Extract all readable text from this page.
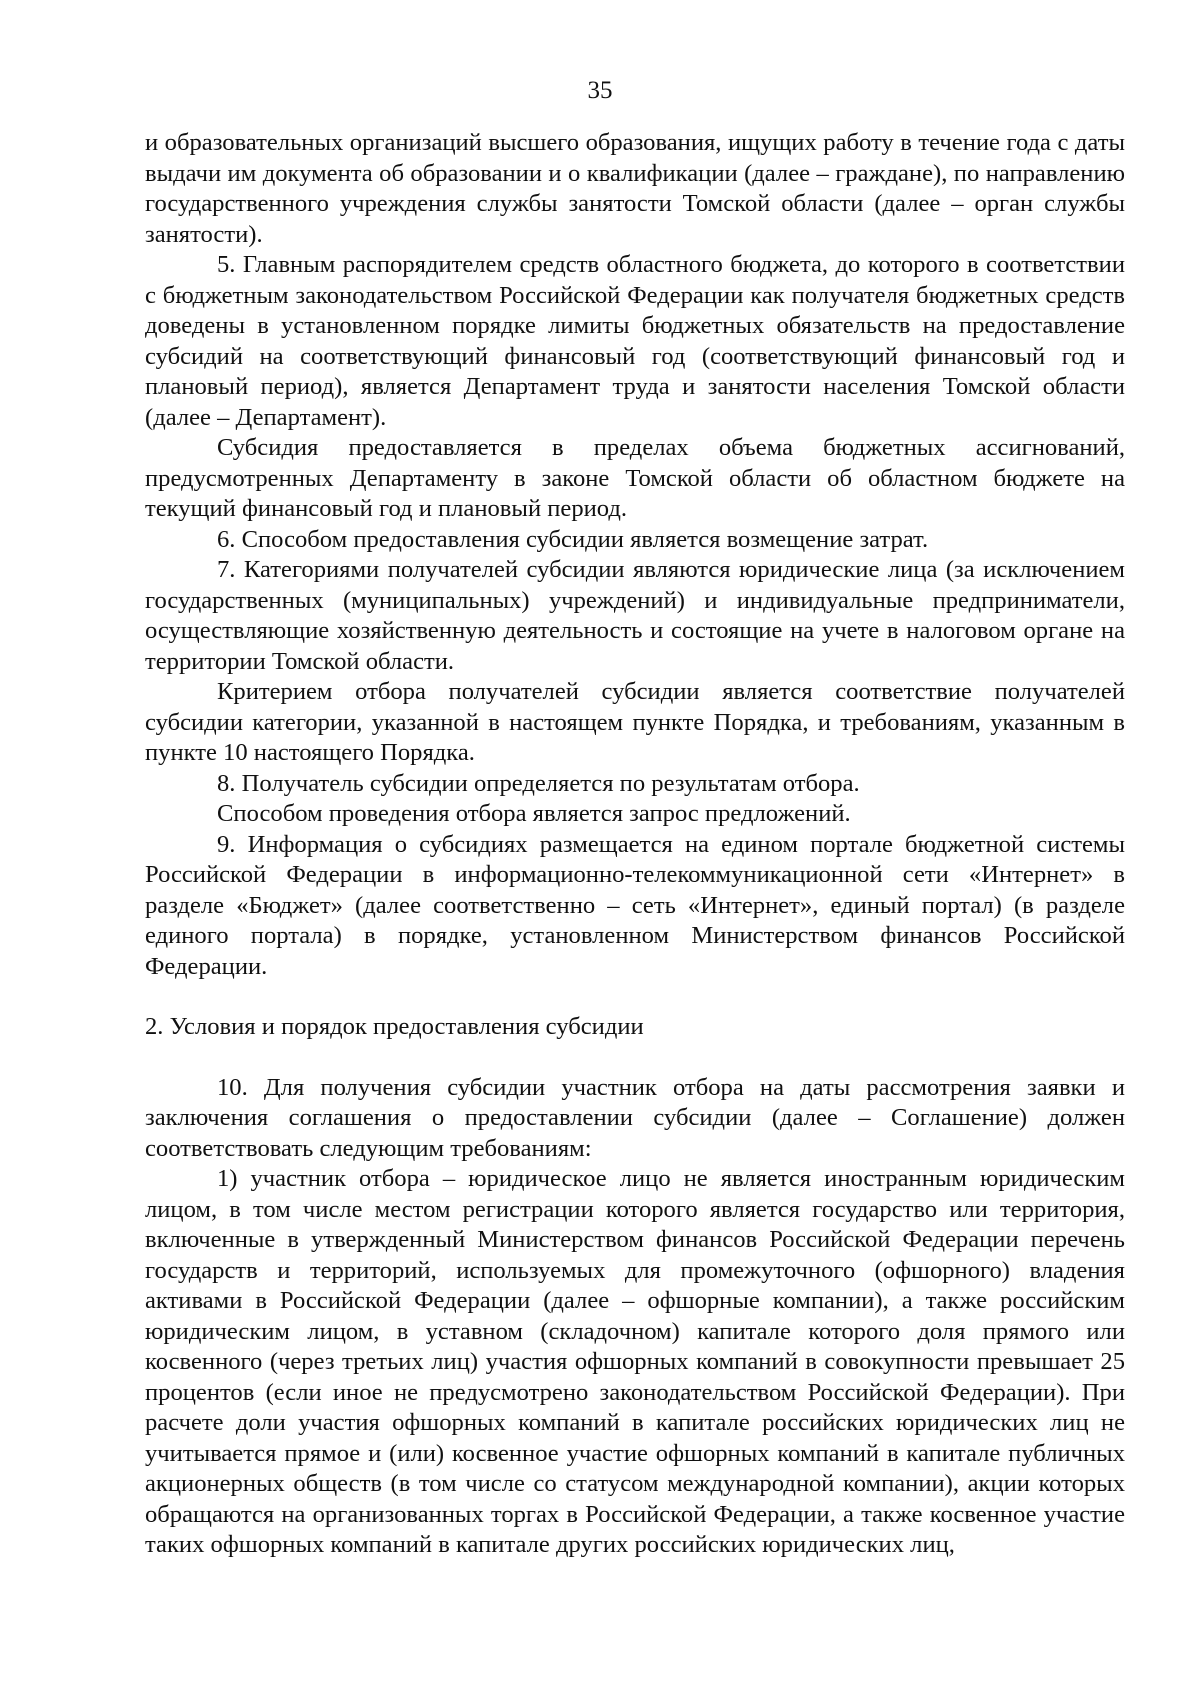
35

и образовательных организаций высшего образования, ищущих работу в течение года с даты выдачи им документа об образовании и о квалификации (далее – граждане), по направлению государственного учреждения службы занятости Томской области (далее – орган службы занятости).

5. Главным распорядителем средств областного бюджета, до которого в соответствии с бюджетным законодательством Российской Федерации как получателя бюджетных средств доведены в установленном порядке лимиты бюджетных обязательств на предоставление субсидий на соответствующий финансовый год (соответствующий финансовый год и плановый период), является Департамент труда и занятости населения Томской области (далее – Департамент).

Субсидия предоставляется в пределах объема бюджетных ассигнований, предусмотренных Департаменту в законе Томской области об областном бюджете на текущий финансовый год и плановый период.

6. Способом предоставления субсидии является возмещение затрат.

7. Категориями получателей субсидии являются юридические лица (за исключением государственных (муниципальных) учреждений) и индивидуальные предприниматели, осуществляющие хозяйственную деятельность и состоящие на учете в налоговом органе на территории Томской области.

Критерием отбора получателей субсидии является соответствие получателей субсидии категории, указанной в настоящем пункте Порядка, и требованиям, указанным в пункте 10 настоящего Порядка.

8. Получатель субсидии определяется по результатам отбора.

Способом проведения отбора является запрос предложений.

9. Информация о субсидиях размещается на едином портале бюджетной системы Российской Федерации в информационно-телекоммуникационной сети «Интернет» в разделе «Бюджет» (далее соответственно – сеть «Интернет», единый портал) (в разделе единого портала) в порядке, установленном Министерством финансов Российской Федерации.

2. Условия и порядок предоставления субсидии

10. Для получения субсидии участник отбора на даты рассмотрения заявки и заключения соглашения о предоставлении субсидии (далее – Соглашение) должен соответствовать следующим требованиям:

1) участник отбора – юридическое лицо не является иностранным юридическим лицом, в том числе местом регистрации которого является государство или территория, включенные в утвержденный Министерством финансов Российской Федерации перечень государств и территорий, используемых для промежуточного (офшорного) владения активами в Российской Федерации (далее – офшорные компании), а также российским юридическим лицом, в уставном (складочном) капитале которого доля прямого или косвенного (через третьих лиц) участия офшорных компаний в совокупности превышает 25 процентов (если иное не предусмотрено законодательством Российской Федерации). При расчете доли участия офшорных компаний в капитале российских юридических лиц не учитывается прямое и (или) косвенное участие офшорных компаний в капитале публичных акционерных обществ (в том числе со статусом международной компании), акции которых обращаются на организованных торгах в Российской Федерации, а также косвенное участие таких офшорных компаний в капитале других российских юридических лиц,
